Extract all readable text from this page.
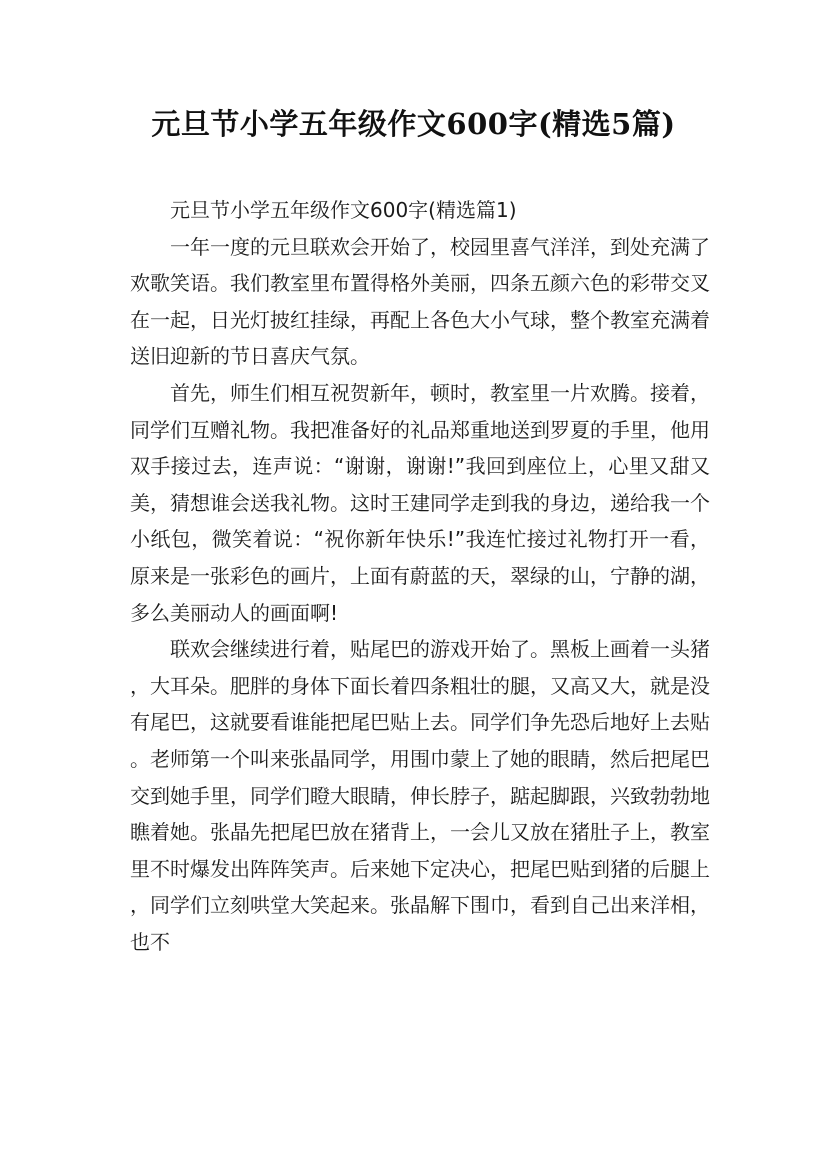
元旦节小学五年级作文600字(精选5篇)

元旦节小学五年级作文600字(精选篇1)

一年一度的元旦联欢会开始了，校园里喜气洋洋，到处充满了欢歌笑语。我们教室里布置得格外美丽，四条五颜六色的彩带交叉在一起，日光灯披红挂绿，再配上各色大小气球，整个教室充满着送旧迎新的节日喜庆气氛。

首先，师生们相互祝贺新年，顿时，教室里一片欢腾。接着，同学们互赠礼物。我把准备好的礼品郑重地送到罗夏的手里，他用双手接过去，连声说：“谢谢，谢谢!”我回到座位上，心里又甜又美，猜想谁会送我礼物。这时王建同学走到我的身边，递给我一个小纸包，微笑着说：“祝你新年快乐!”我连忙接过礼物打开一看，原来是一张彩色的画片，上面有蔚蓝的天，翠绿的山，宁静的湖，多么美丽动人的画面啊!

联欢会继续进行着，贴尾巴的游戏开始了。黑板上画着一头猪，大耳朵。肥胖的身体下面长着四条粗壮的腿，又高又大，就是没有尾巴，这就要看谁能把尾巴贴上去。同学们争先恐后地好上去贴。老师第一个叫来张晶同学，用围巾蒙上了她的眼睛，然后把尾巴交到她手里，同学们瞪大眼睛，伸长脖子，踮起脚跟，兴致勃勃地瞧着她。张晶先把尾巴放在猪背上，一会儿又放在猪肚子上，教室里不时爆发出阵阵笑声。后来她下定决心，把尾巴贴到猪的后腿上，同学们立刻哄堂大笑起来。张晶解下围巾，看到自己出来洋相，也不
